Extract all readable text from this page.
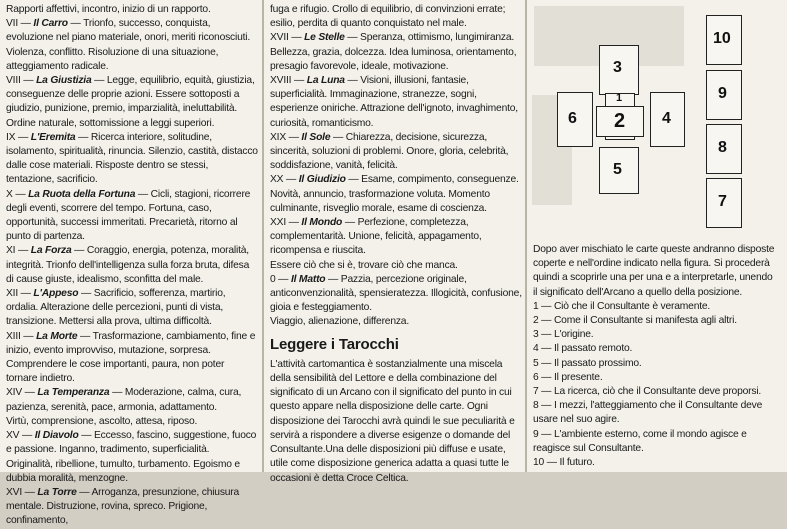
Rapporti affettivi, incontro, inizio di un rapporto.

VII — Il Carro — Trionfo, successo, conquista, evoluzione nel piano materiale, onori, meriti riconosciuti. Violenza, conflitto. Risoluzione di una situazione, atteggiamento radicale.

VIII — La Giustizia — Legge, equilibrio, equità, giustizia, conseguenze delle proprie azioni. Essere sottoposti a giudizio, punizione, premio, imparzialità, ineluttabilità.

Ordine naturale, sottomissione a leggi superiori.

IX — L'Eremita — Ricerca interiore, solitudine, isolamento, spiritualità, rinuncia. Silenzio, castità, distacco dalle cose materiali. Risposte dentro se stessi, tentazione, sacrificio.

X — La Ruota della Fortuna — Cicli, stagioni, ricorrere degli eventi, scorrere del tempo. Fortuna, caso, opportunità, successi immeritati. Precarietà, ritorno al punto di partenza.

XI — La Forza — Coraggio, energia, potenza, moralità, integrità. Trionfo dell'intelligenza sulla forza bruta, difesa di cause giuste, idealismo, sconfitta del male.

XII — L'Appeso — Sacrificio, sofferenza, martirio, ordalia. Alterazione delle percezioni, punti di vista, transizione. Mettersi alla prova, ultima difficoltà.

XIII — La Morte — Trasformazione, cambiamento, fine e inizio, evento improvviso, mutazione, sorpresa. Comprendere le cose importanti, paura, non poter tornare indietro.

XIV — La Temperanza — Moderazione, calma, cura, pazienza, serenità, pace, armonia, adattamento.

Virtù, comprensione, ascolto, attesa, riposo.

XV — Il Diavolo — Eccesso, fascino, suggestione, fuoco e passione. Inganno, tradimento, superficialità. Originalità, ribellione, tumulto, turbamento. Egoismo e dubbia moralità, menzogne.

XVI — La Torre — Arroganza, presunzione, chiusura mentale. Distruzione, rovina, spreco. Prigione, confinamento,

fuga e rifugio. Crollo di equilibrio, di convinzioni errate; esilio, perdita di quanto conquistato nel male.

XVII — Le Stelle — Speranza, ottimismo, lungimiranza. Bellezza, grazia, dolcezza. Idea luminosa, orientamento, presagio favorevole, ideale, motivazione.

XVIII — La Luna — Visioni, illusioni, fantasie, superficialità. Immaginazione, stranezze, sogni, esperienze oniriche. Attrazione dell'ignoto, invaghimento, curiosità, romanticismo.

XIX — Il Sole — Chiarezza, decisione, sicurezza, sincerità, soluzioni di problemi. Onore, gloria, celebrità, soddisfazione, vanità, felicità.

XX — Il Giudizio — Esame, compimento, conseguenze. Novità, annuncio, trasformazione voluta. Momento culminante, risveglio morale, esame di coscienza.

XXI — Il Mondo — Perfezione, completezza, complementarità. Unione, felicità, appagamento, ricompensa e riuscita.

Essere ciò che si è, trovare ciò che manca.

0 — Il Matto — Pazzia, percezione originale, anticonvenzionalità, spensieratezza. Illogicità, confusione, gioia e festeggiamento.

Viaggio, alienazione, differenza.

Leggere i Tarocchi

L'attività cartomantica è sostanzialmente una miscela della sensibilità del Lettore e della combinazione del significato di un Arcano con il significato del punto in cui questo appare nella disposizione delle carte. Ogni disposizione dei Tarocchi avrà quindi le sue peculiarità e servirà a rispondere a diverse esigenze o domande del Consultante.Una delle disposizioni più diffuse e usate, utile come disposizione generica adatta a quasi tutte le occasioni è detta Croce Celtica.

1
2
3
4
5
6
7
8
9
10

Dopo aver mischiato le carte queste andranno disposte coperte e nell'ordine indicato nella figura. Si procederà quindi a scoprirle una per una e a interpretarle, unendo il significato dell'Arcano a quello della posizione.

1 — Ciò che il Consultante è veramente.

2 — Come il Consultante si manifesta agli altri.

3 — L'origine.

4 — Il passato remoto.

5 — Il passato prossimo.

6 — Il presente.

7 — La ricerca, ciò che il Consultante deve proporsi.

8 — I mezzi, l'atteggiamento che il Consultante deve usare nel suo agire.

9 — L'ambiente esterno, come il mondo agisce e reagisce sul Consultante.

10 — Il futuro.
